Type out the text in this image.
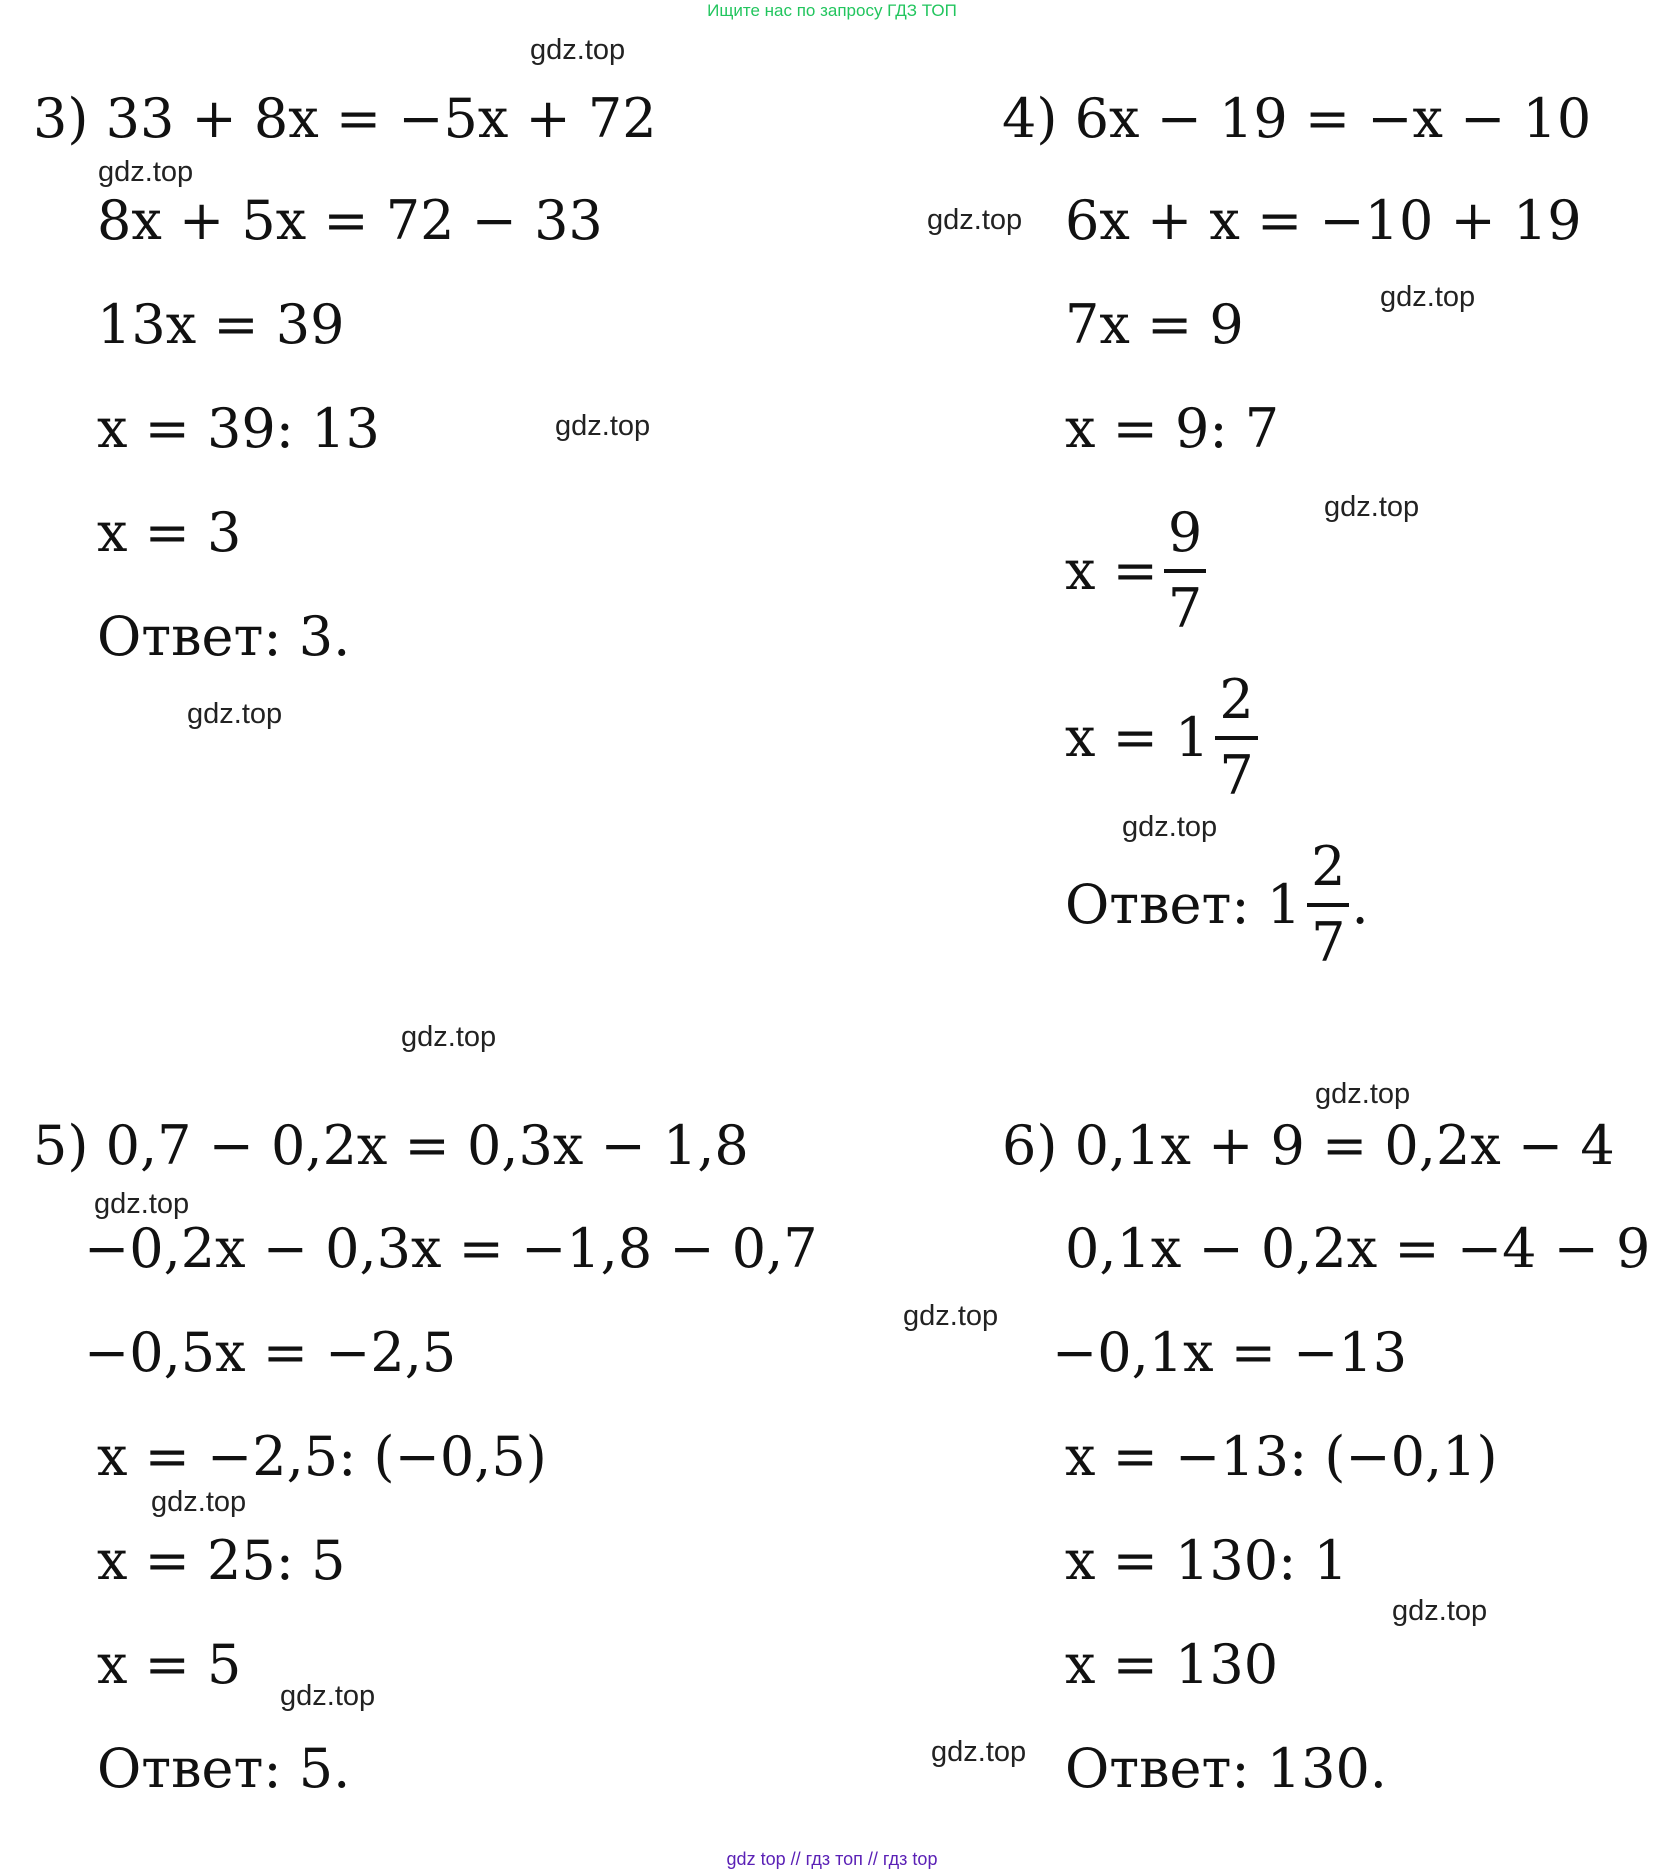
Ищите нас по запросу ГДЗ ТОП
gdz.top
gdz.top
gdz.top
gdz.top
gdz.top
gdz.top
gdz.top
gdz.top
gdz.top
gdz.top
gdz.top
gdz.top
gdz.top
gdz.top
gdz.top
gdz.top
3) 33 + 8x = −5x + 72
8x + 5x = 72 − 33
13x = 39
x = 39: 13
x = 3
Ответ: 3.
4) 6x − 19 = −x − 10
6x + x = −10 + 19
7x = 9
x = 9: 7
$x = \frac{9}{7}$
$x = 1 \frac{2}{7}$
Ответ: $1 \frac{2}{7}$ .
5) 0,7 − 0,2x = 0,3x − 1,8
−0,2x − 0,3x = −1,8 − 0,7
−0,5x = −2,5
x = −2,5: (−0,5)
x = 25: 5
x = 5
Ответ: 5.
6) 0,1x + 9 = 0,2x − 4
0,1x − 0,2x = −4 − 9
−0,1x = −13
x = −13: (−0,1)
x = 130: 1
x = 130
Ответ: 130.
gdz top // гдз топ // гдз top
